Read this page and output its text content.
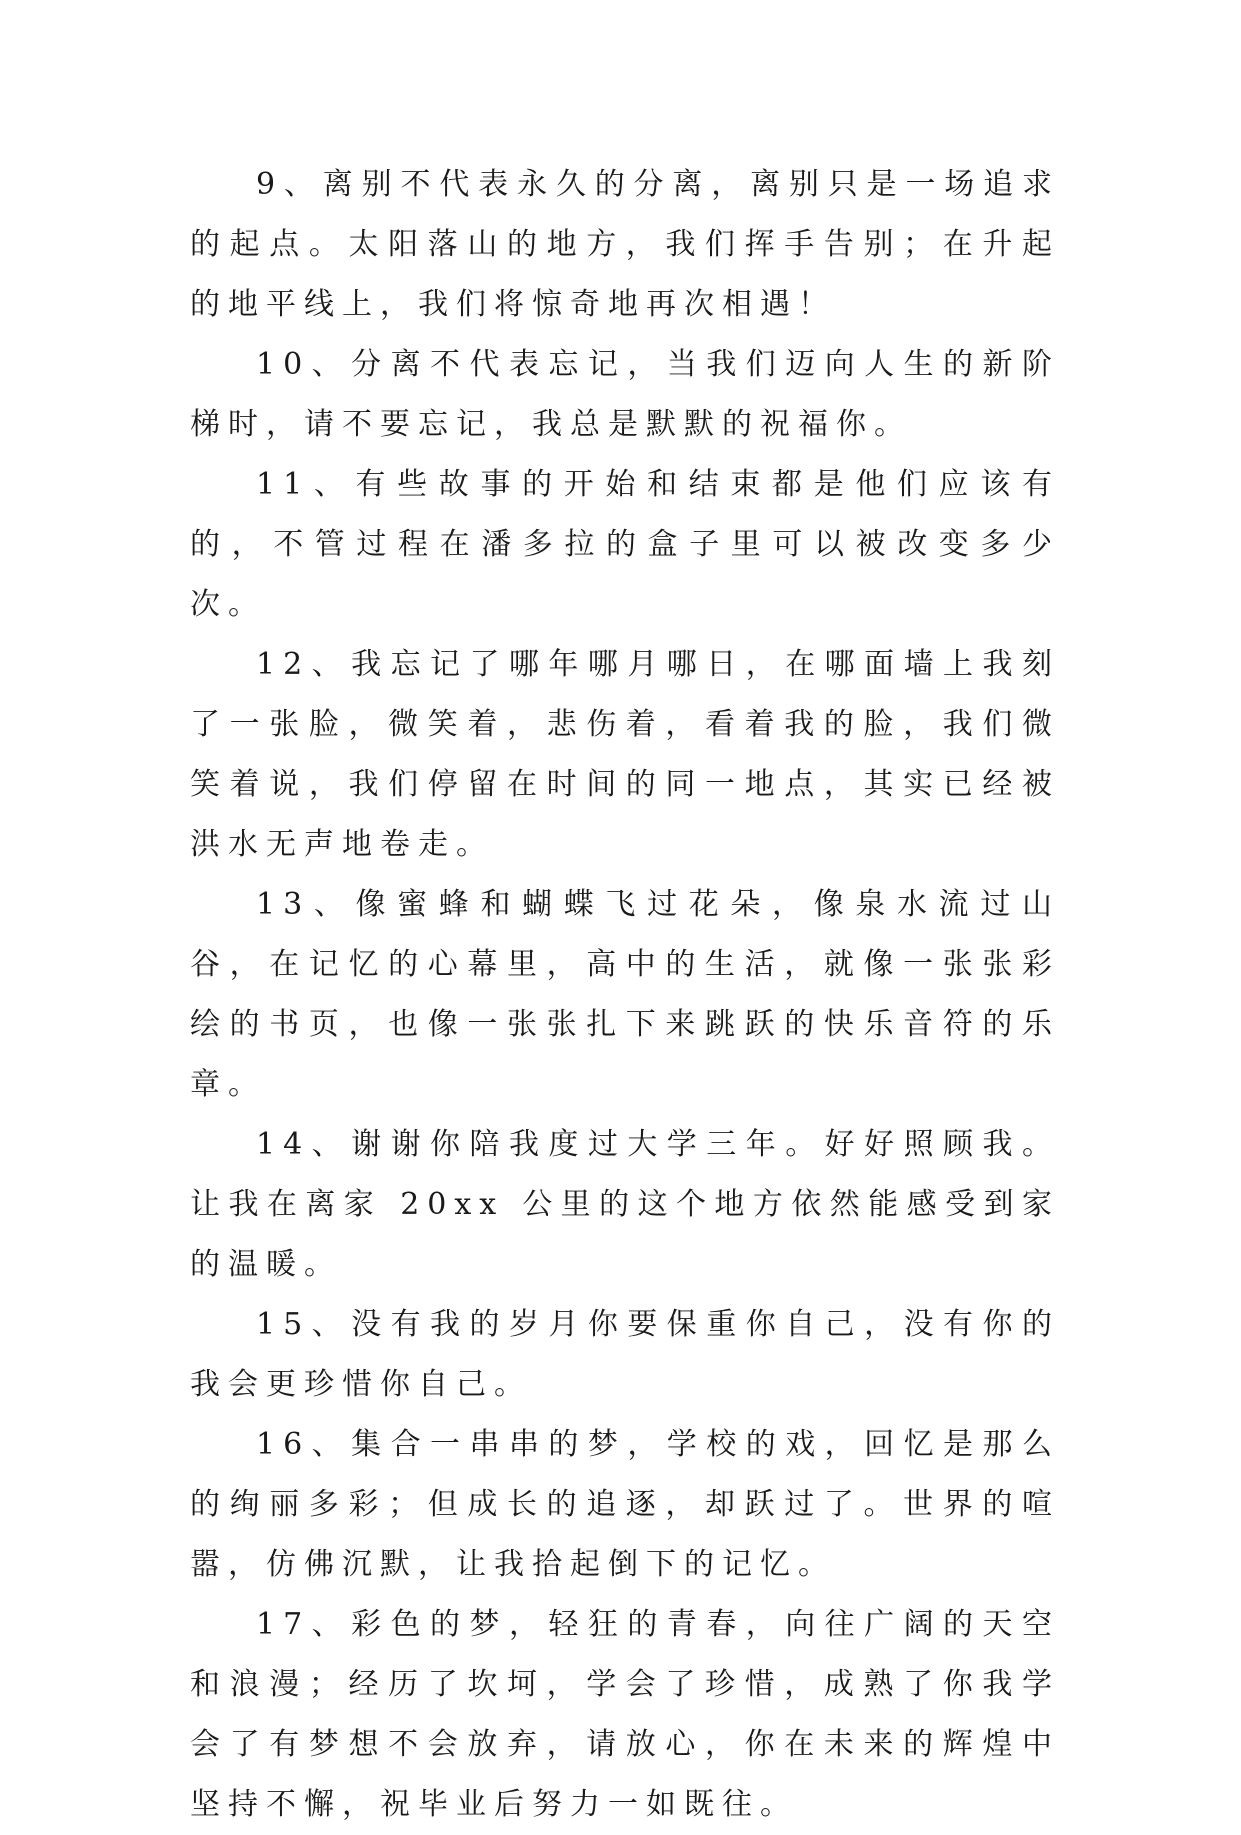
9、离别不代表永久的分离，离别只是一场追求的起点。太阳落山的地方，我们挥手告别；在升起的地平线上，我们将惊奇地再次相遇！

10、分离不代表忘记，当我们迈向人生的新阶梯时，请不要忘记，我总是默默的祝福你。

11、有些故事的开始和结束都是他们应该有的，不管过程在潘多拉的盒子里可以被改变多少次。

12、我忘记了哪年哪月哪日，在哪面墙上我刻了一张脸，微笑着，悲伤着，看着我的脸，我们微笑着说，我们停留在时间的同一地点，其实已经被洪水无声地卷走。

13、像蜜蜂和蝴蝶飞过花朵，像泉水流过山谷，在记忆的心幕里，高中的生活，就像一张张彩绘的书页，也像一张张扎下来跳跃的快乐音符的乐章。

14、谢谢你陪我度过大学三年。好好照顾我。让我在离家 20xx 公里的这个地方依然能感受到家的温暖。

15、没有我的岁月你要保重你自己，没有你的我会更珍惜你自己。

16、集合一串串的梦，学校的戏，回忆是那么的绚丽多彩；但成长的追逐，却跃过了。世界的喧嚣，仿佛沉默，让我拾起倒下的记忆。

17、彩色的梦，轻狂的青春，向往广阔的天空和浪漫；经历了坎坷，学会了珍惜，成熟了你我学会了有梦想不会放弃，请放心，你在未来的辉煌中坚持不懈，祝毕业后努力一如既往。
